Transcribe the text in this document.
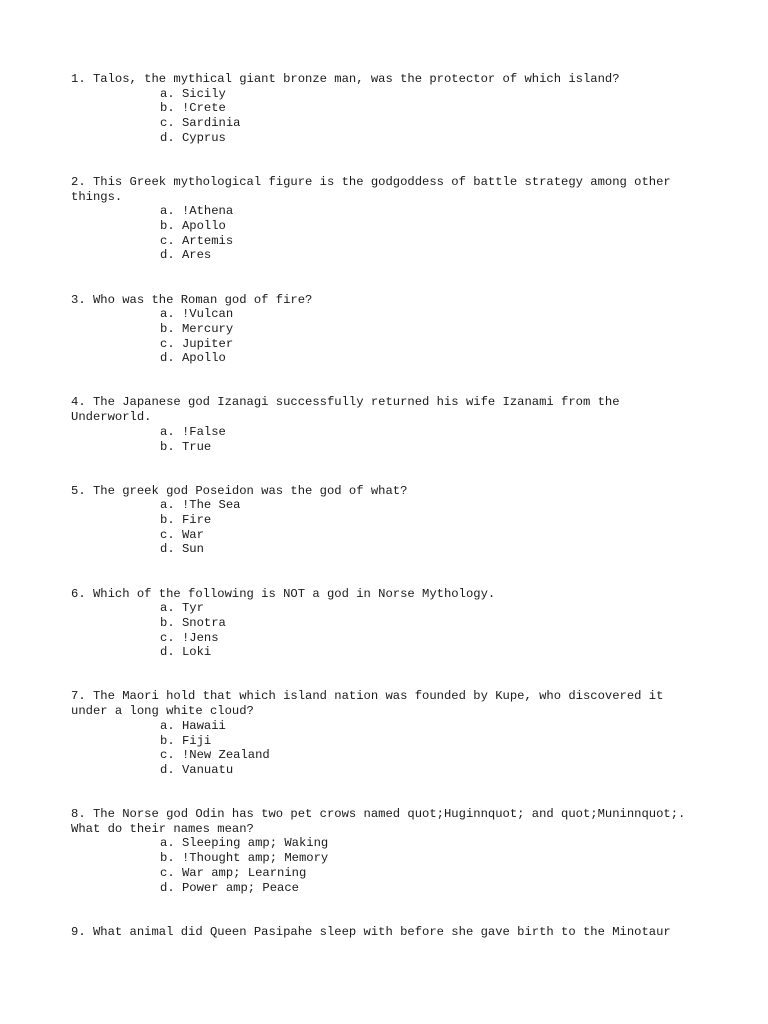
1. Talos, the mythical giant bronze man, was the protector of which island?
a. Sicily
b. !Crete
c. Sardinia
d. Cyprus
2. This Greek mythological figure is the godgoddess of battle strategy among other things.
a. !Athena
b. Apollo
c. Artemis
d. Ares
3. Who was the Roman god of fire?
a. !Vulcan
b. Mercury
c. Jupiter
d. Apollo
4. The Japanese god Izanagi successfully returned his wife Izanami from the Underworld.
a. !False
b. True
5. The greek god Poseidon was the god of what?
a. !The Sea
b. Fire
c. War
d. Sun
6. Which of the following is NOT a god in Norse Mythology.
a. Tyr
b. Snotra
c. !Jens
d. Loki
7. The Maori hold that which island nation was founded by Kupe, who discovered it under a long white cloud?
a. Hawaii
b. Fiji
c. !New Zealand
d. Vanuatu
8. The Norse god Odin has two pet crows named quot;Huginnquot; and quot;Muninnquot;.  What do their names mean?
a. Sleeping amp; Waking
b. !Thought amp; Memory
c. War amp; Learning
d. Power amp; Peace
9. What animal did Queen Pasipahe sleep with before she gave birth to the Minotaur
